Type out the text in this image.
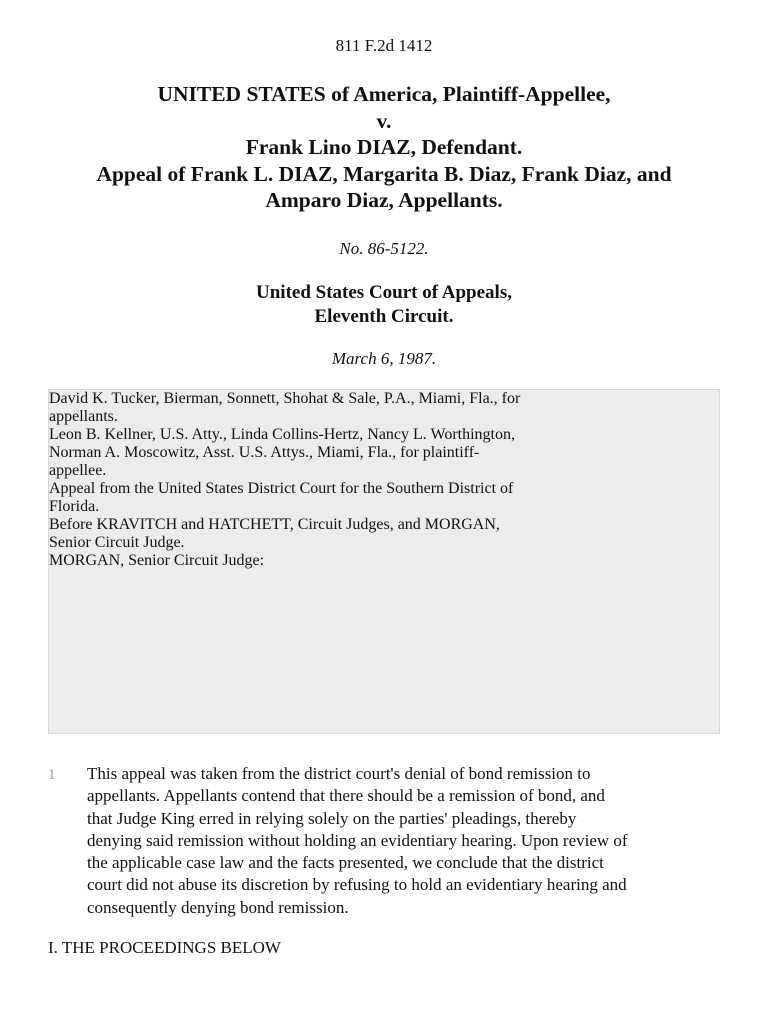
811 F.2d 1412
UNITED STATES of America, Plaintiff-Appellee,
v.
Frank Lino DIAZ, Defendant.
Appeal of Frank L. DIAZ, Margarita B. Diaz, Frank Diaz, and
Amparo Diaz, Appellants.
No. 86-5122.
United States Court of Appeals,
Eleventh Circuit.
March 6, 1987.

David K. Tucker, Bierman, Sonnett, Shohat & Sale, P.A., Miami, Fla., for
appellants.

Leon B. Kellner, U.S. Atty., Linda Collins-Hertz, Nancy L. Worthington,
Norman A. Moscowitz, Asst. U.S. Attys., Miami, Fla., for plaintiff-
appellee.

Appeal from the United States District Court for the Southern District of
Florida.

Before KRAVITCH and HATCHETT, Circuit Judges, and MORGAN,
Senior Circuit Judge.

MORGAN, Senior Circuit Judge:

1 This appeal was taken from the district court's denial of bond remission to
appellants. Appellants contend that there should be a remission of bond, and
that Judge King erred in relying solely on the parties' pleadings, thereby
denying said remission without holding an evidentiary hearing. Upon review of
the applicable case law and the facts presented, we conclude that the district
court did not abuse its discretion by refusing to hold an evidentiary hearing and
consequently denying bond remission.
I. THE PROCEEDINGS BELOW
